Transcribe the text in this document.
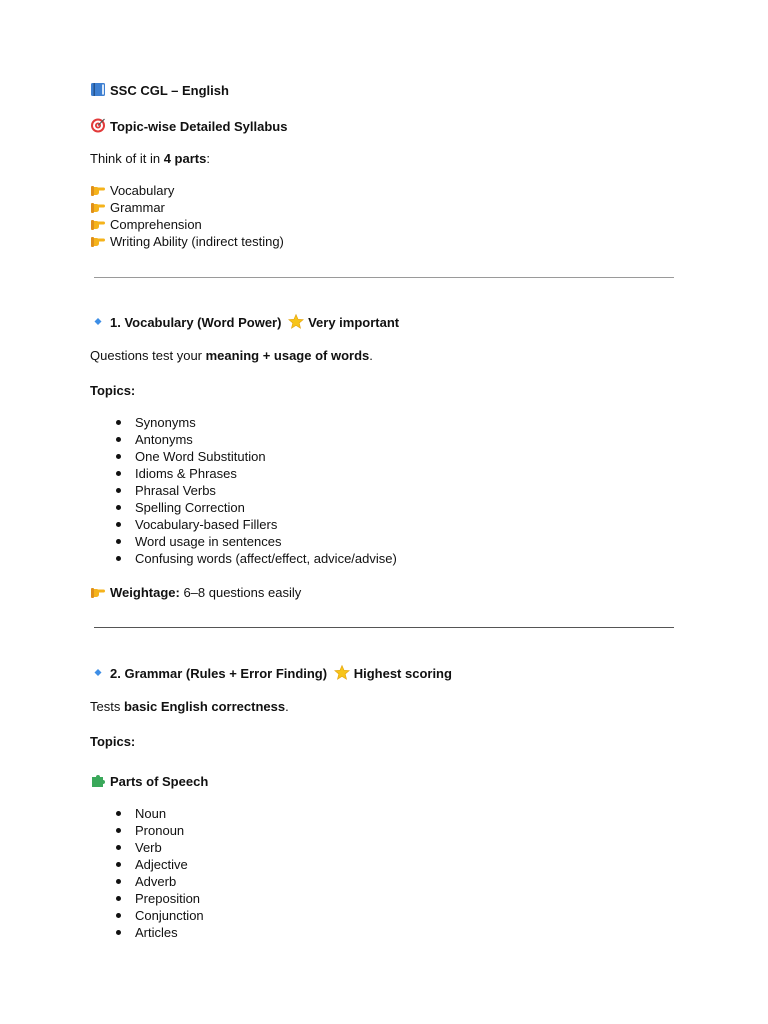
SSC CGL – English
Topic-wise Detailed Syllabus
Think of it in 4 parts:
Vocabulary
Grammar
Comprehension
Writing Ability (indirect testing)
1. Vocabulary (Word Power) Very important
Questions test your meaning + usage of words.
Topics:
Synonyms
Antonyms
One Word Substitution
Idioms & Phrases
Phrasal Verbs
Spelling Correction
Vocabulary-based Fillers
Word usage in sentences
Confusing words (affect/effect, advice/advise)
Weightage: 6–8 questions easily
2. Grammar (Rules + Error Finding) Highest scoring
Tests basic English correctness.
Topics:
Parts of Speech
Noun
Pronoun
Verb
Adjective
Adverb
Preposition
Conjunction
Articles
